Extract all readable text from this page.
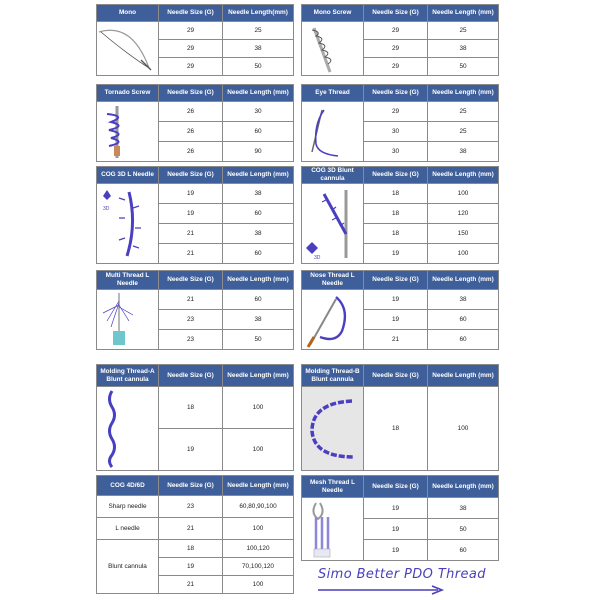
Mono	Needle Size (G)	Needle Length(mm)

	29	25
	29	38
	29	50
Mono Screw	Needle Size (G)	Needle Length (mm)

	29	25
	29	38
	29	50
Tornado Screw	Needle Size (G)	Needle Length (mm)

	26	30
	26	60
	26	90
Eye Thread	Needle Size (G)	Needle Length (mm)

	29	25
	30	25
	30	38
COG 3D L Needle	Needle Size (G)	Needle Length (mm)

3D	19	38
	19	60
	21	38
	21	60
COG 3D Blunt cannula	Needle Size (G)	Needle Length (mm)

3D	18	100
	18	120
	18	150
	19	100
Multi Thread L Needle	Needle Size (G)	Needle Length (mm)

	21	60
	23	38
	23	50
Nose Thread L Needle	Needle Size (G)	Needle Length (mm)

	19	38
	19	60
	21	60
Molding Thread-A Blunt cannula	Needle Size (G)	Needle Length (mm)

	18	100
	19	100
Molding Thread-B Blunt cannula	Needle Size (G)	Needle Length (mm)

	18	100
COG 4D/6D	Needle Size (G)	Needle Length (mm)
Sharp needle	23	60,80,90,100
L needle	21	100
Blunt cannula	18	100,120
	19	70,100,120
	21	100
Mesh Thread L Needle	Needle Size (G)	Needle Length (mm)

	19	38
	19	50
	19	60
Simo Better PDO Thread
